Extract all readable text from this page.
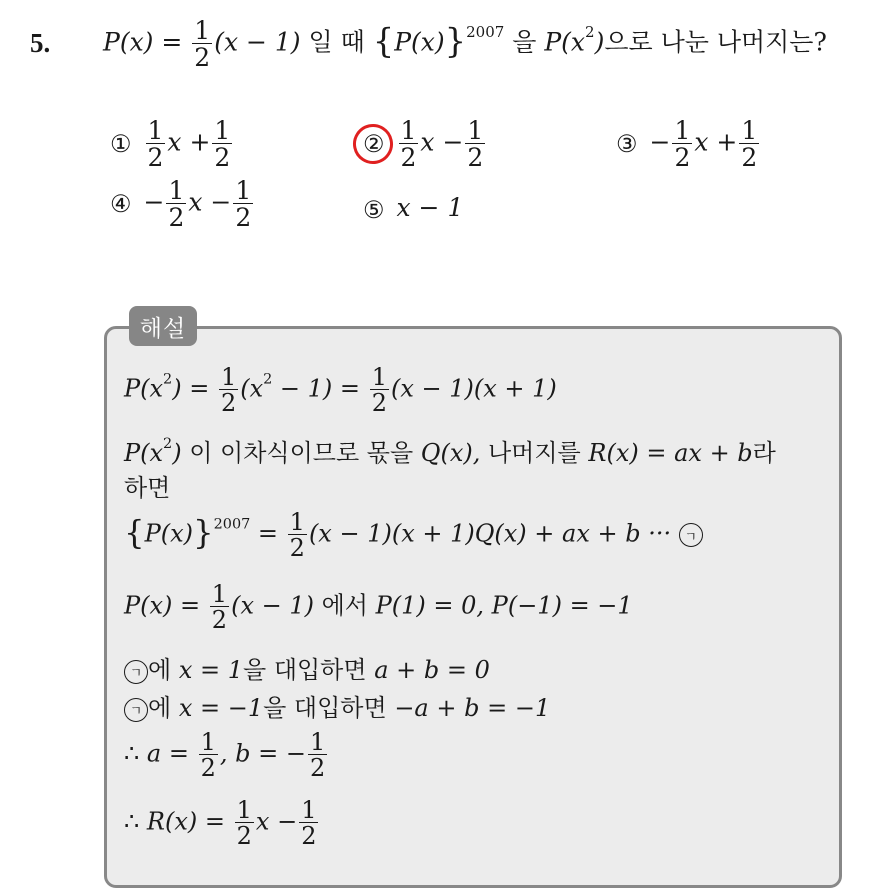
5. $P(x) = \frac{1}{2} (x - 1)$ 일 때 $\{P(x)\}^{2007}$ 을 $P(x^2)$으로 나눈 나머지는?
① $\frac{1}{2}$ $x + \frac{1}{2}$	② $\frac{1}{2}$ $x - \frac{1}{2}$	③ − $\frac{1}{2}$ $x + \frac{1}{2}$
④ − $\frac{1}{2}$ $x - \frac{1}{2}$	⑤ x − 1
해설
$P(x^2) = \frac{1}{2} (x^2 - 1) = \frac{1}{2} (x - 1)(x + 1)$
$P(x^2)$ 이 이차식이므로 몫을 Q(x), 나머지를 R(x) = ax + b라
하면
$\{P(x)\}^{2007} = \frac{1}{2} (x - 1)(x + 1)Q(x)$ + ax + b ··· ㄱ
$P(x) = \frac{1}{2} (x - 1)$ 에서 P(1) = 0, P(−1) = −1
ㄱ 에 x = 1을 대입하면 a + b = 0
ㄱ 에 x = −1을 대입하면 −a + b = −1
∴ $a = \frac{1}{2}$ , b = − $\frac{1}{2}$
∴ $R(x) = \frac{1}{2}$ $x - \frac{1}{2}$
